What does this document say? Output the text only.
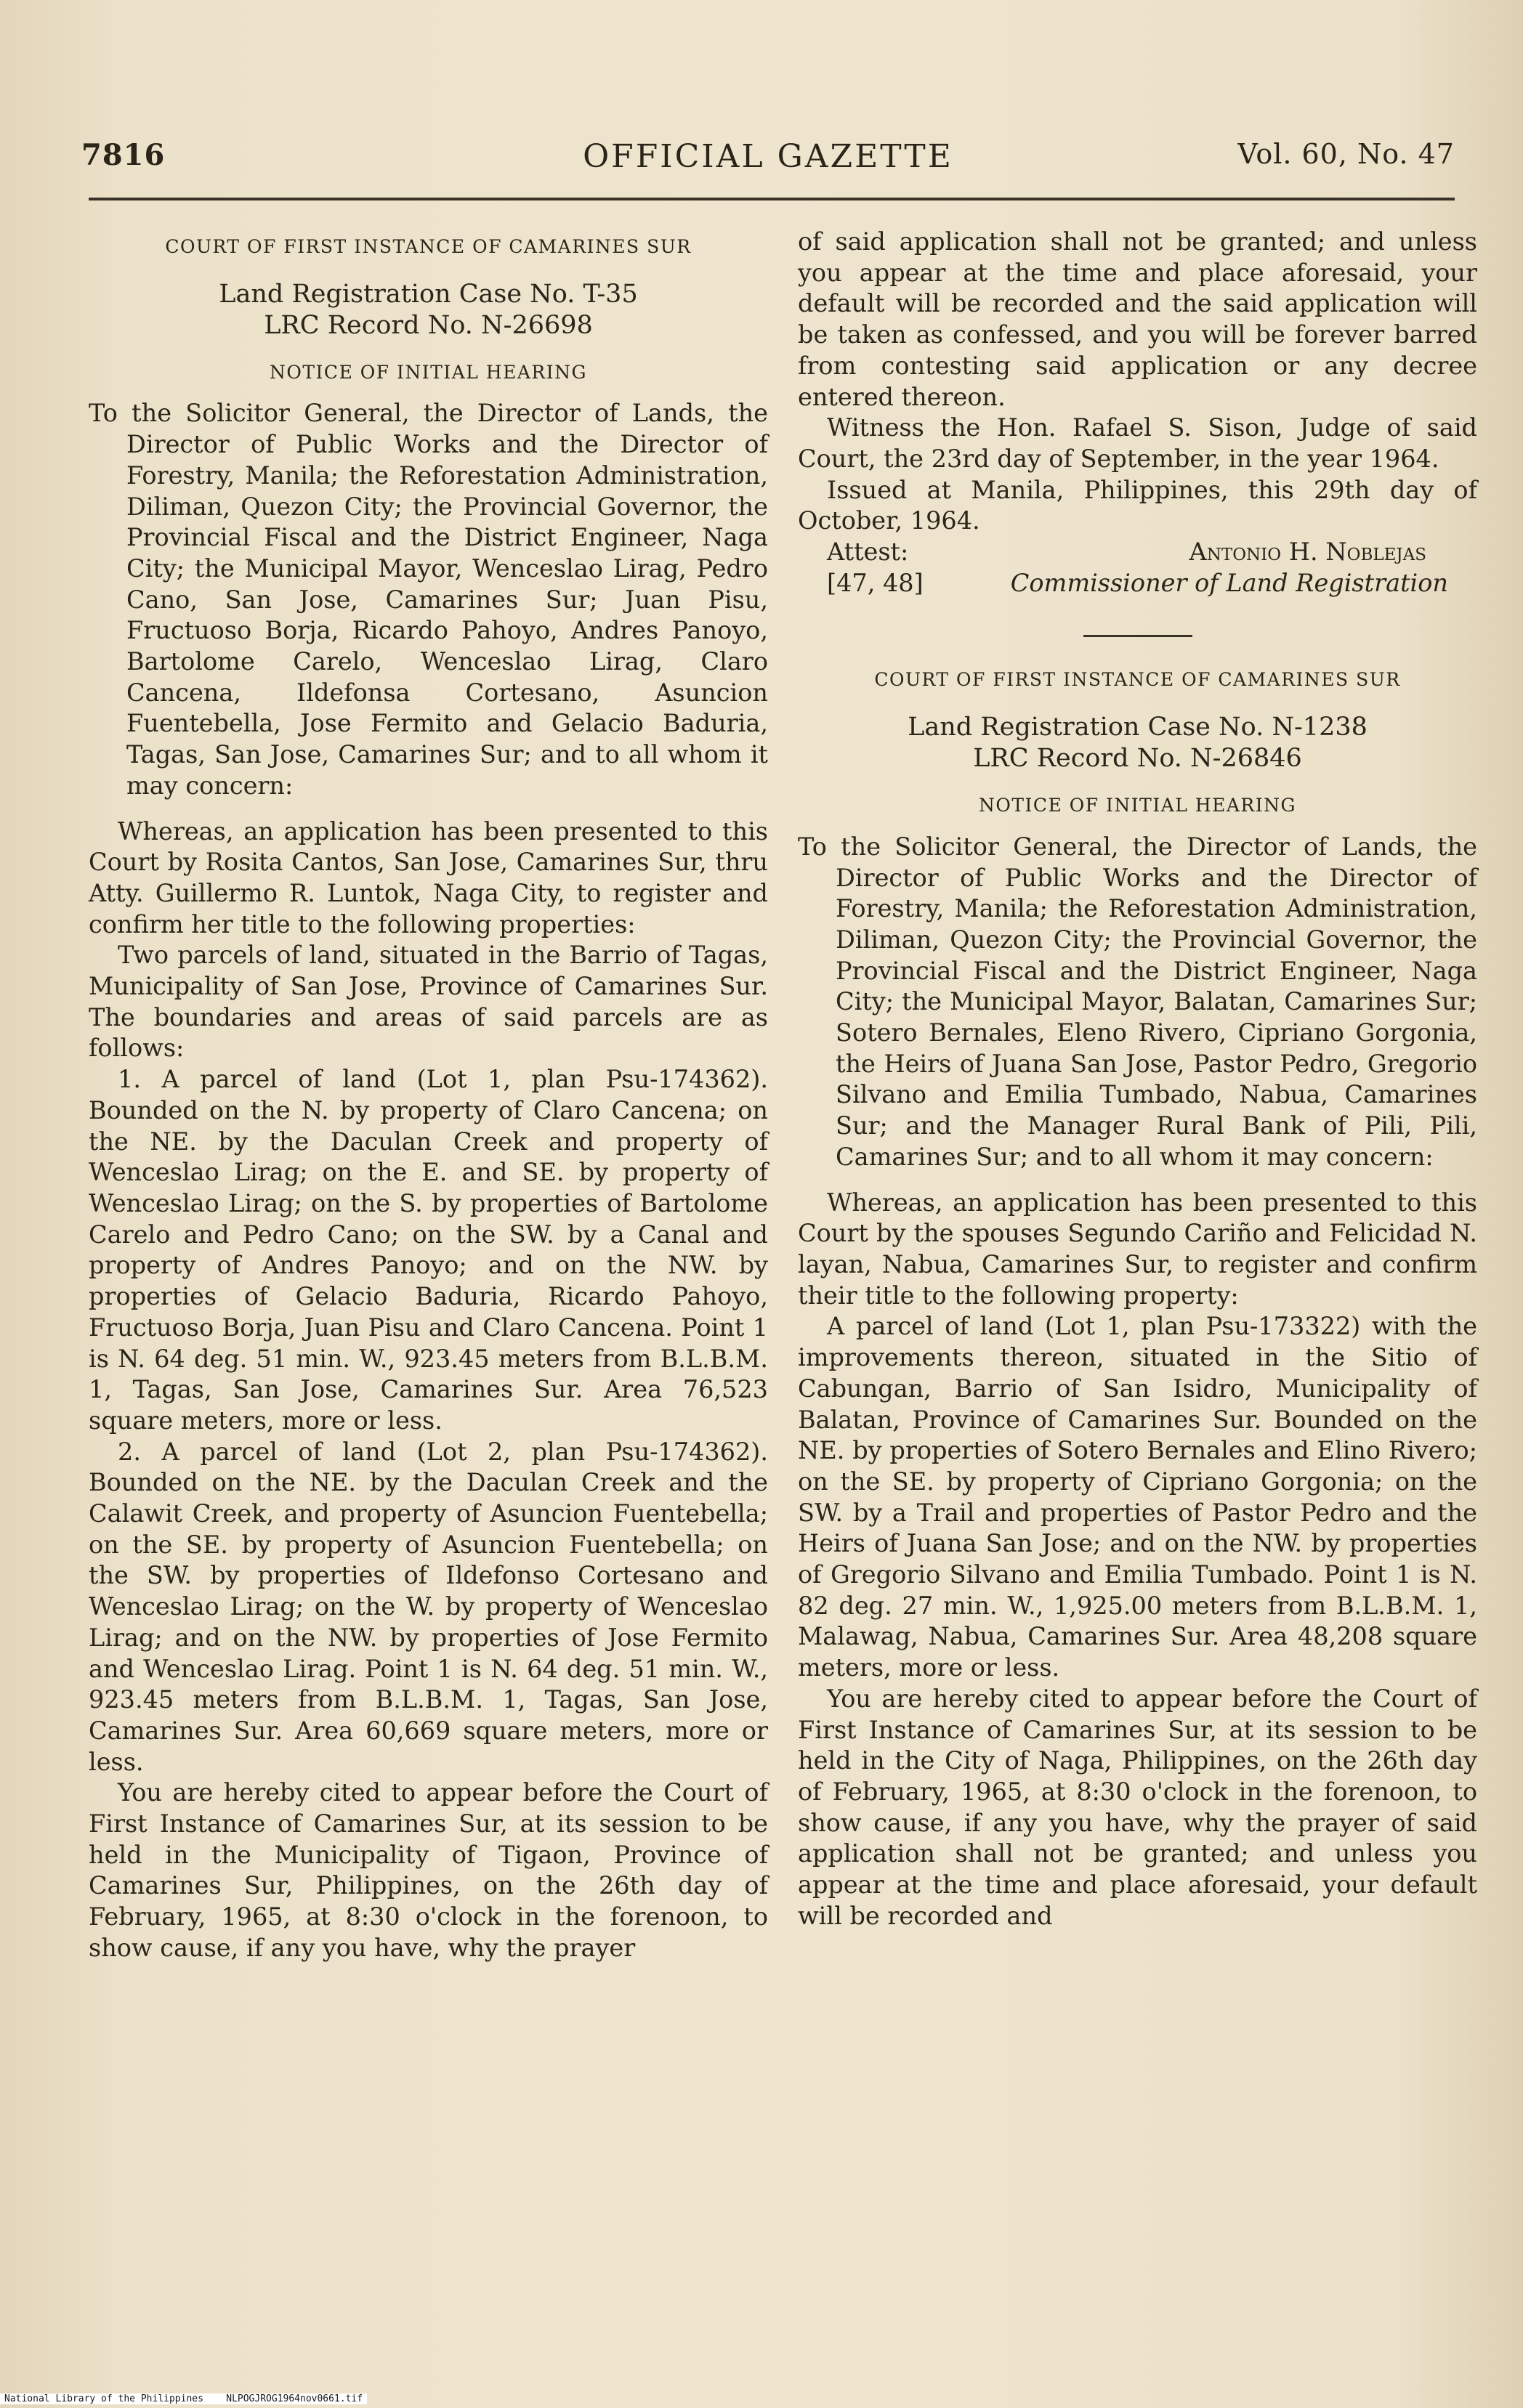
OFFICIAL GAZETTE
7816	Vol. 60, No. 47
COURT OF FIRST INSTANCE OF CAMARINES SUR
Land Registration Case No. T-35
LRC Record No. N-26698
NOTICE OF INITIAL HEARING
To the Solicitor General, the Director of Lands, the Director of Public Works and the Director of Forestry, Manila; the Reforestation Administration, Diliman, Quezon City; the Provincial Governor, the Provincial Fiscal and the District Engineer, Naga City; the Municipal Mayor, Wenceslao Lirag, Pedro Cano, San Jose, Camarines Sur; Juan Pisu, Fructuoso Borja, Ricardo Pahoyo, Andres Panoyo, Bartolome Carelo, Wenceslao Lirag, Claro Cancena, Ildefonsa Cortesano, Asuncion Fuentebella, Jose Fermito and Gelacio Baduria, Tagas, San Jose, Camarines Sur; and to all whom it may concern:

Whereas, an application has been presented to this Court by Rosita Cantos, San Jose, Camarines Sur, thru Atty. Guillermo R. Luntok, Naga City, to register and confirm her title to the following properties:

Two parcels of land, situated in the Barrio of Tagas, Municipality of San Jose, Province of Camarines Sur. The boundaries and areas of said parcels are as follows:

1. A parcel of land (Lot 1, plan Psu-174362). Bounded on the N. by property of Claro Cancena; on the NE. by the Daculan Creek and property of Wenceslao Lirag; on the E. and SE. by property of Wenceslao Lirag; on the S. by properties of Bartolome Carelo and Pedro Cano; on the SW. by a Canal and property of Andres Panoyo; and on the NW. by properties of Gelacio Baduria, Ricardo Pahoyo, Fructuoso Borja, Juan Pisu and Claro Cancena. Point 1 is N. 64 deg. 51 min. W., 923.45 meters from B.L.B.M. 1, Tagas, San Jose, Camarines Sur. Area 76,523 square meters, more or less.

2. A parcel of land (Lot 2, plan Psu-174362). Bounded on the NE. by the Daculan Creek and the Calawit Creek, and property of Asuncion Fuentebella; on the SE. by property of Asuncion Fuentebella; on the SW. by properties of Ildefonso Cortesano and Wenceslao Lirag; on the W. by property of Wenceslao Lirag; and on the NW. by properties of Jose Fermito and Wenceslao Lirag. Point 1 is N. 64 deg. 51 min. W., 923.45 meters from B.L.B.M. 1, Tagas, San Jose, Camarines Sur. Area 60,669 square meters, more or less.

You are hereby cited to appear before the Court of First Instance of Camarines Sur, at its session to be held in the Municipality of Tigaon, Province of Camarines Sur, Philippines, on the 26th day of February, 1965, at 8:30 o'clock in the forenoon, to show cause, if any you have, why the prayer

of said application shall not be granted; and unless you appear at the time and place aforesaid, your default will be recorded and the said application will be taken as confessed, and you will be forever barred from contesting said application or any decree entered thereon.

Witness the Hon. Rafael S. Sison, Judge of said Court, the 23rd day of September, in the year 1964.

Issued at Manila, Philippines, this 29th day of October, 1964.

Attest:	Antonio H. Noblejas
[47, 48]	Commissioner of Land Registration
COURT OF FIRST INSTANCE OF CAMARINES SUR
Land Registration Case No. N-1238
LRC Record No. N-26846
NOTICE OF INITIAL HEARING
To the Solicitor General, the Director of Lands, the Director of Public Works and the Director of Forestry, Manila; the Reforestation Administration, Diliman, Quezon City; the Provincial Governor, the Provincial Fiscal and the District Engineer, Naga City; the Municipal Mayor, Balatan, Camarines Sur; Sotero Bernales, Eleno Rivero, Cipriano Gorgonia, the Heirs of Juana San Jose, Pastor Pedro, Gregorio Silvano and Emilia Tumbado, Nabua, Camarines Sur; and the Manager Rural Bank of Pili, Pili, Camarines Sur; and to all whom it may concern:

Whereas, an application has been presented to this Court by the spouses Segundo Cariño and Felicidad N. layan, Nabua, Camarines Sur, to register and confirm their title to the following property:

A parcel of land (Lot 1, plan Psu-173322) with the improvements thereon, situated in the Sitio of Cabungan, Barrio of San Isidro, Municipality of Balatan, Province of Camarines Sur. Bounded on the NE. by properties of Sotero Bernales and Elino Rivero; on the SE. by property of Cipriano Gorgonia; on the SW. by a Trail and properties of Pastor Pedro and the Heirs of Juana San Jose; and on the NW. by properties of Gregorio Silvano and Emilia Tumbado. Point 1 is N. 82 deg. 27 min. W., 1,925.00 meters from B.L.B.M. 1, Malawag, Nabua, Camarines Sur. Area 48,208 square meters, more or less.

You are hereby cited to appear before the Court of First Instance of Camarines Sur, at its session to be held in the City of Naga, Philippines, on the 26th day of February, 1965, at 8:30 o'clock in the forenoon, to show cause, if any you have, why the prayer of said application shall not be granted; and unless you appear at the time and place aforesaid, your default will be recorded and

National Library of the Philippines NLPOGJROG1964nov0661.tif
